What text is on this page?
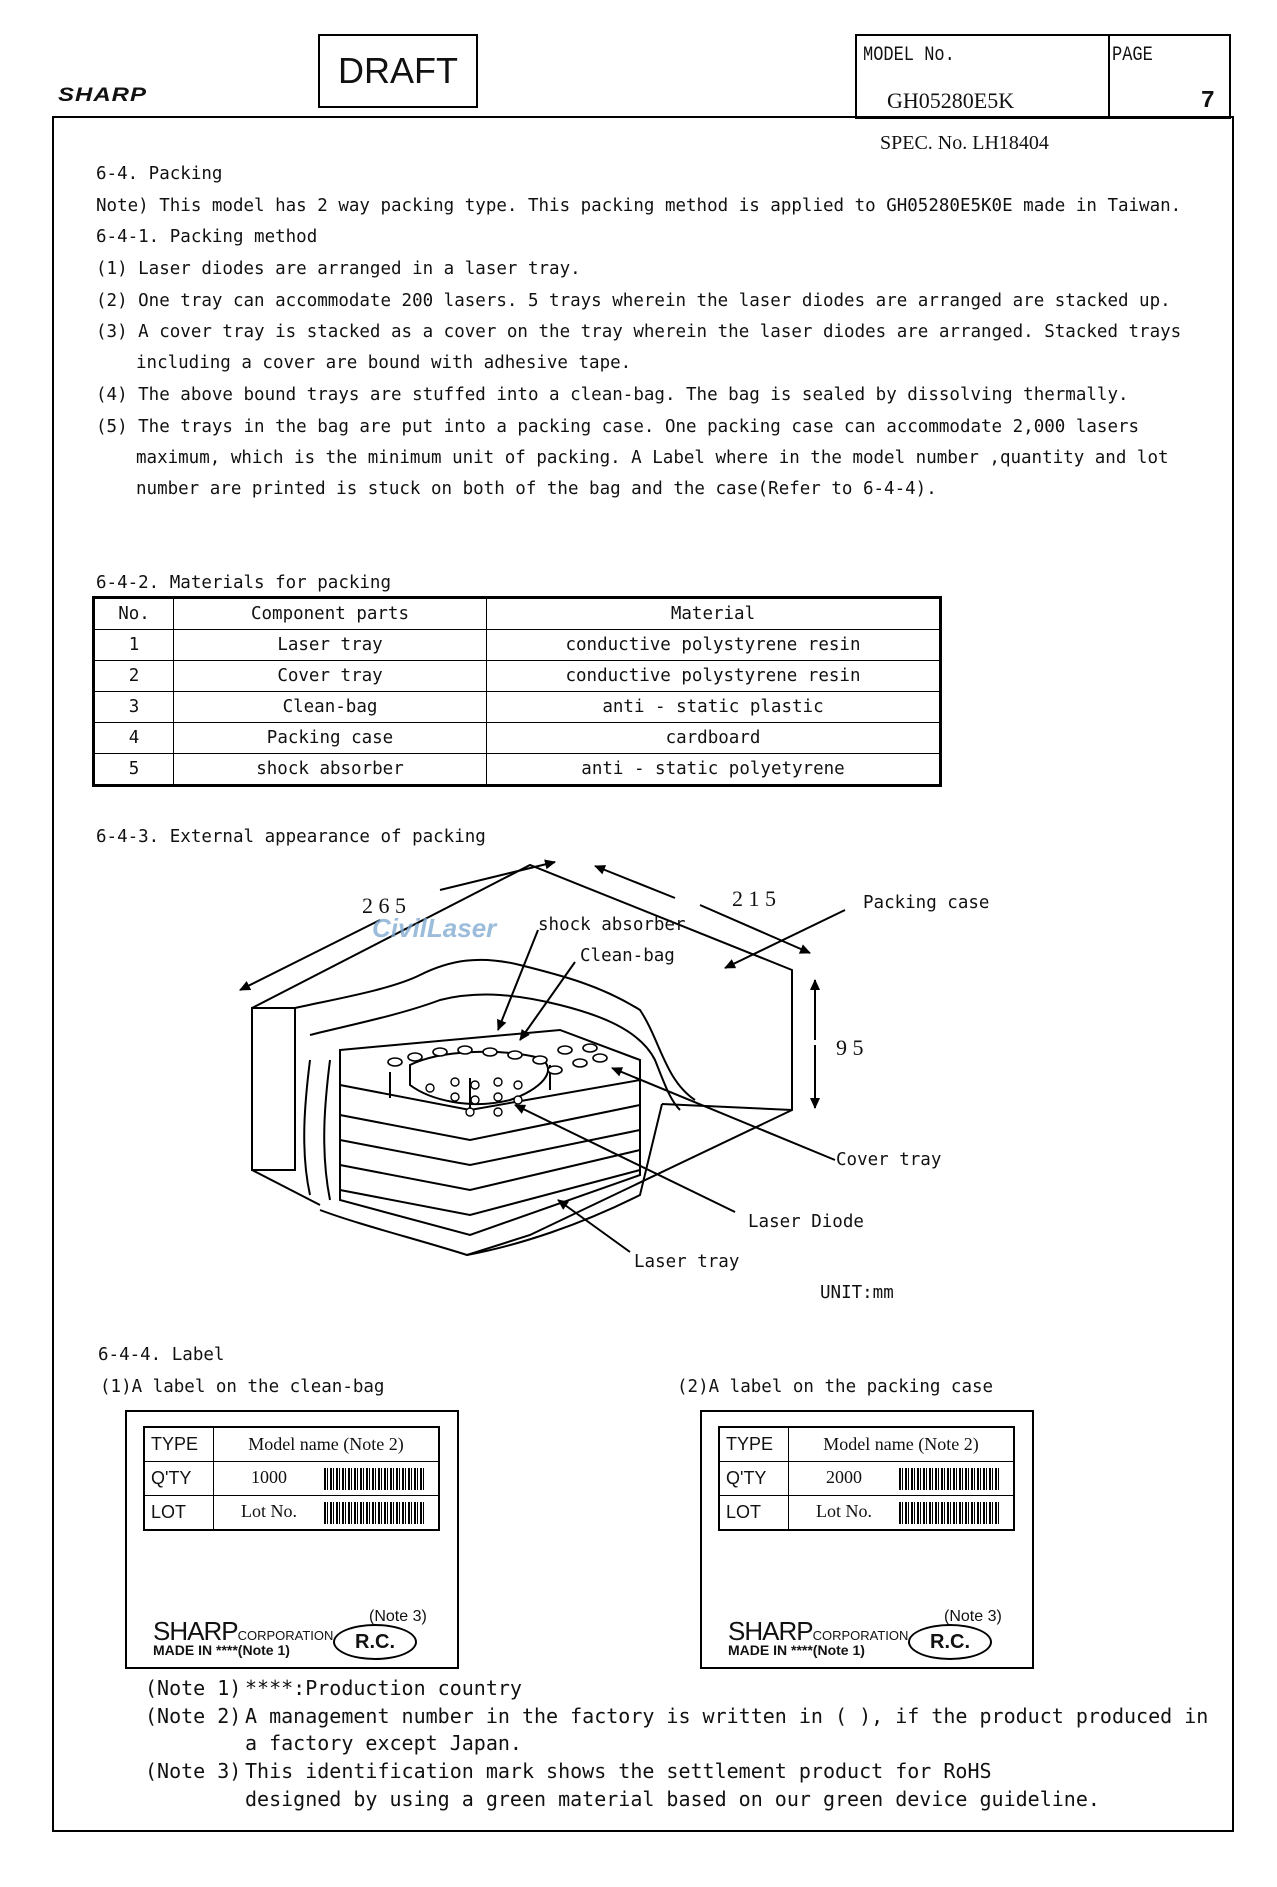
SHARP
DRAFT	MODEL No.
GH05280E5K
PAGE
7
SPEC. No. LH18404
6-4. Packing
Note) This model has 2 way packing type. This packing method is applied to GH05280E5K0E made in Taiwan.
6-4-1. Packing method
(1) Laser diodes are arranged in a laser tray.
(2) One tray can accommodate 200 lasers. 5 trays wherein the laser diodes are arranged are stacked up.
(3) A cover tray is stacked as a cover on the tray wherein the laser diodes are arranged. Stacked trays
including a cover are bound with adhesive tape.
(4) The above bound trays are stuffed into a clean-bag. The bag is sealed by dissolving thermally.
(5) The trays in the bag are put into a packing case. One packing case can accommodate 2,000 lasers
maximum, which is the minimum unit of packing. A Label where in the model number ,quantity and lot
number are printed is stuck on both of the bag and the case(Refer to 6-4-4).
6-4-2. Materials for packing
No.	Component parts	Material
1	Laser tray	conductive polystyrene resin
2	Cover tray	conductive polystyrene resin
3	Clean-bag	anti - static plastic
4	Packing case	cardboard
5	shock absorber	anti - static polyetyrene
6-4-3. External appearance of packing
2 6 5
CivilLaser
2 1 5
9 5
Packing case
shock absorber
Clean-bag
Cover tray
Laser Diode
Laser tray
UNIT:mm
6-4-4. Label
(1)A label on the clean-bag	(2)A label on the packing case
TYPE	Model name (Note 2)
Q'TY	1000
LOT	Lot No.
SHARPCORPORATION
MADE IN ****(Note 1)
(Note 3)
R.C.
TYPE	Model name (Note 2)
Q'TY	2000
LOT	Lot No.
SHARPCORPORATION
MADE IN ****(Note 1)
(Note 3)
R.C.
(Note 1) ****:Production country
(Note 2) A management number in the factory is written in ( ), if the product produced in
a factory except Japan.
(Note 3) This identification mark shows the settlement product for RoHS
designed by using a green material based on our green device guideline.
